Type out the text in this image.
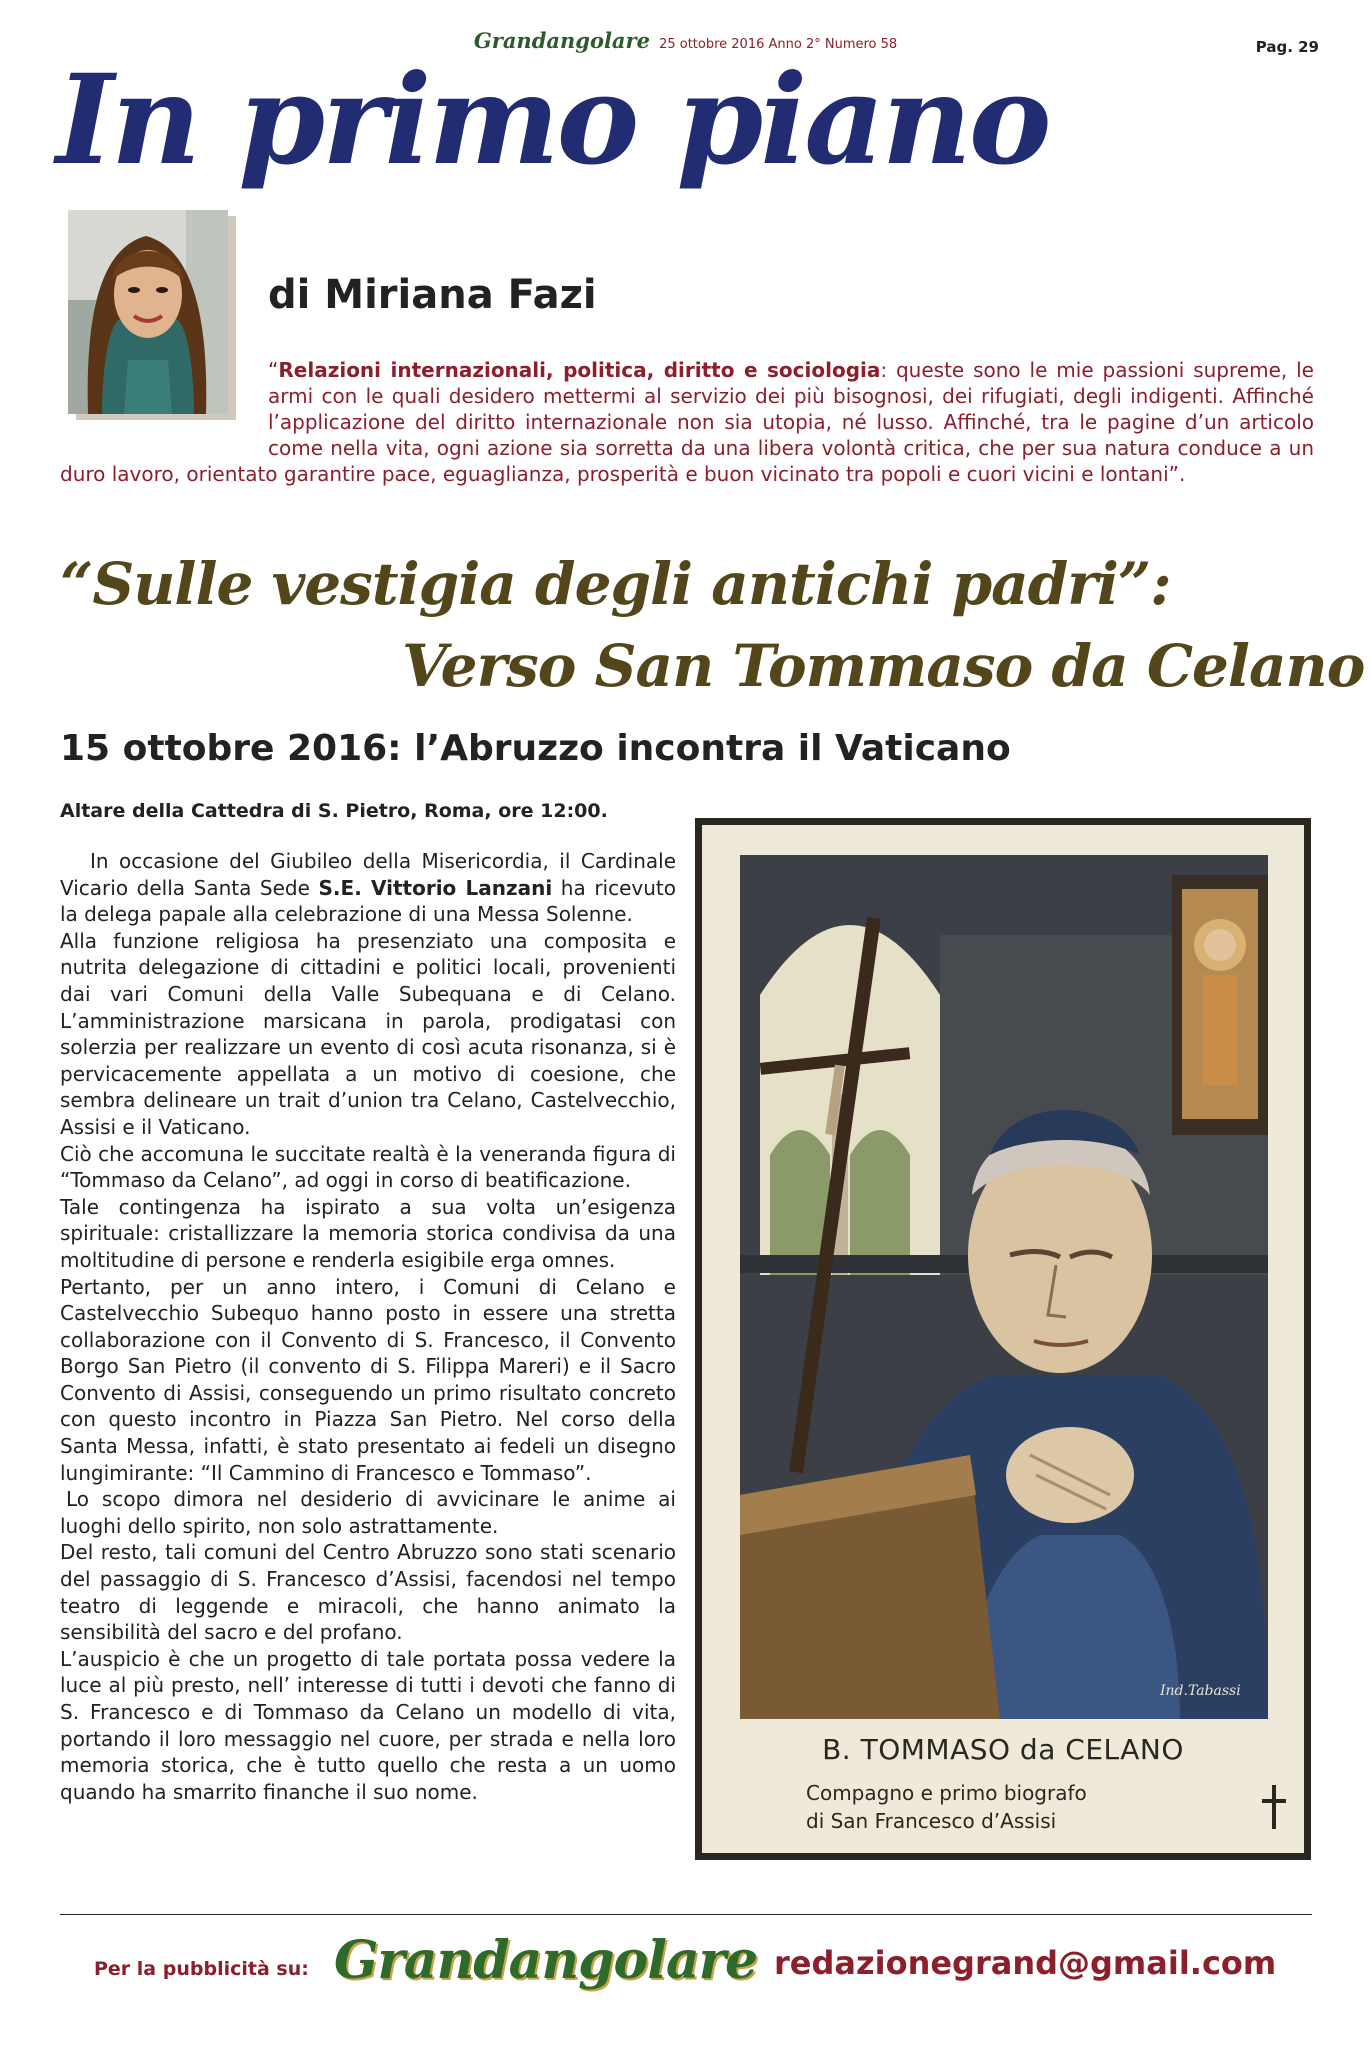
Grandangolare 25 ottobre 2016 Anno 2° Numero 58	Pag. 29
In primo piano
di Miriana Fazi

“Relazioni internazionali, politica, diritto e sociologia: queste sono le mie passioni supreme, le armi con le quali desidero mettermi al servizio dei più bisognosi, dei rifugiati, degli indigenti. Affinché l’applicazione del diritto internazionale non sia utopia, né lusso. Affinché, tra le pagine d’un articolo come nella vita, ogni azione sia sorretta da una libera volontà critica, che per sua natura conduce a un duro lavoro, orientato garantire pace, eguaglianza, prosperità e buon vicinato tra popoli e cuori vicini e lontani”.

“Sulle vestigia degli antichi padri”:
Verso San Tommaso da Celano
15 ottobre 2016: l’Abruzzo incontra il Vaticano
Altare della Cattedra di S. Pietro, Roma, ore 12:00.

In occasione del Giubileo della Misericordia, il Cardinale Vicario della Santa Sede S.E. Vittorio Lanzani ha ricevuto la delega papale alla celebrazione di una Messa Solenne.

Alla funzione religiosa ha presenziato una composita e nutrita delegazione di cittadini e politici locali, provenienti dai vari Comuni della Valle Subequana e di Celano. L’amministrazione marsicana in parola, prodigatasi con solerzia per realizzare un evento di così acuta risonanza, si è pervicacemente appellata a un motivo di coesione, che sembra delineare un trait d’union tra Celano, Castelvecchio, Assisi e il Vaticano.

Ciò che accomuna le succitate realtà è la veneranda figura di “Tommaso da Celano”, ad oggi in corso di beatificazione.

Tale contingenza ha ispirato a sua volta un’esigenza spirituale: cristallizzare la memoria storica condivisa da una moltitudine di persone e renderla esigibile erga omnes.

Pertanto, per un anno intero, i Comuni di Celano e Castelvecchio Subequo hanno posto in essere una stretta collaborazione con il Convento di S. Francesco, il Convento Borgo San Pietro (il convento di S. Filippa Mareri) e il Sacro Convento di Assisi, conseguendo un primo risultato concreto con questo incontro in Piazza San Pietro. Nel corso della Santa Messa, infatti, è stato presentato ai fedeli un disegno lungimirante: “Il Cammino di Francesco e Tommaso”.

Lo scopo dimora nel desiderio di avvicinare le anime ai luoghi dello spirito, non solo astrattamente.

Del resto, tali comuni del Centro Abruzzo sono stati scenario del passaggio di S. Francesco d’Assisi, facendosi nel tempo teatro di leggende e miracoli, che hanno animato la sensibilità del sacro e del profano.

L’auspicio è che un progetto di tale portata possa vedere la luce al più presto, nell’ interesse di tutti i devoti che fanno di S. Francesco e di Tommaso da Celano un modello di vita, portando il loro messaggio nel cuore, per strada e nella loro memoria storica, che è tutto quello che resta a un uomo quando ha smarrito finanche il suo nome.

Ind.Tabassi
B. TOMMASO da CELANO
Compagno e primo biografo
di San Francesco d’Assisi
Per la pubblicità su: Grandangolare redazionegrand@gmail.com
